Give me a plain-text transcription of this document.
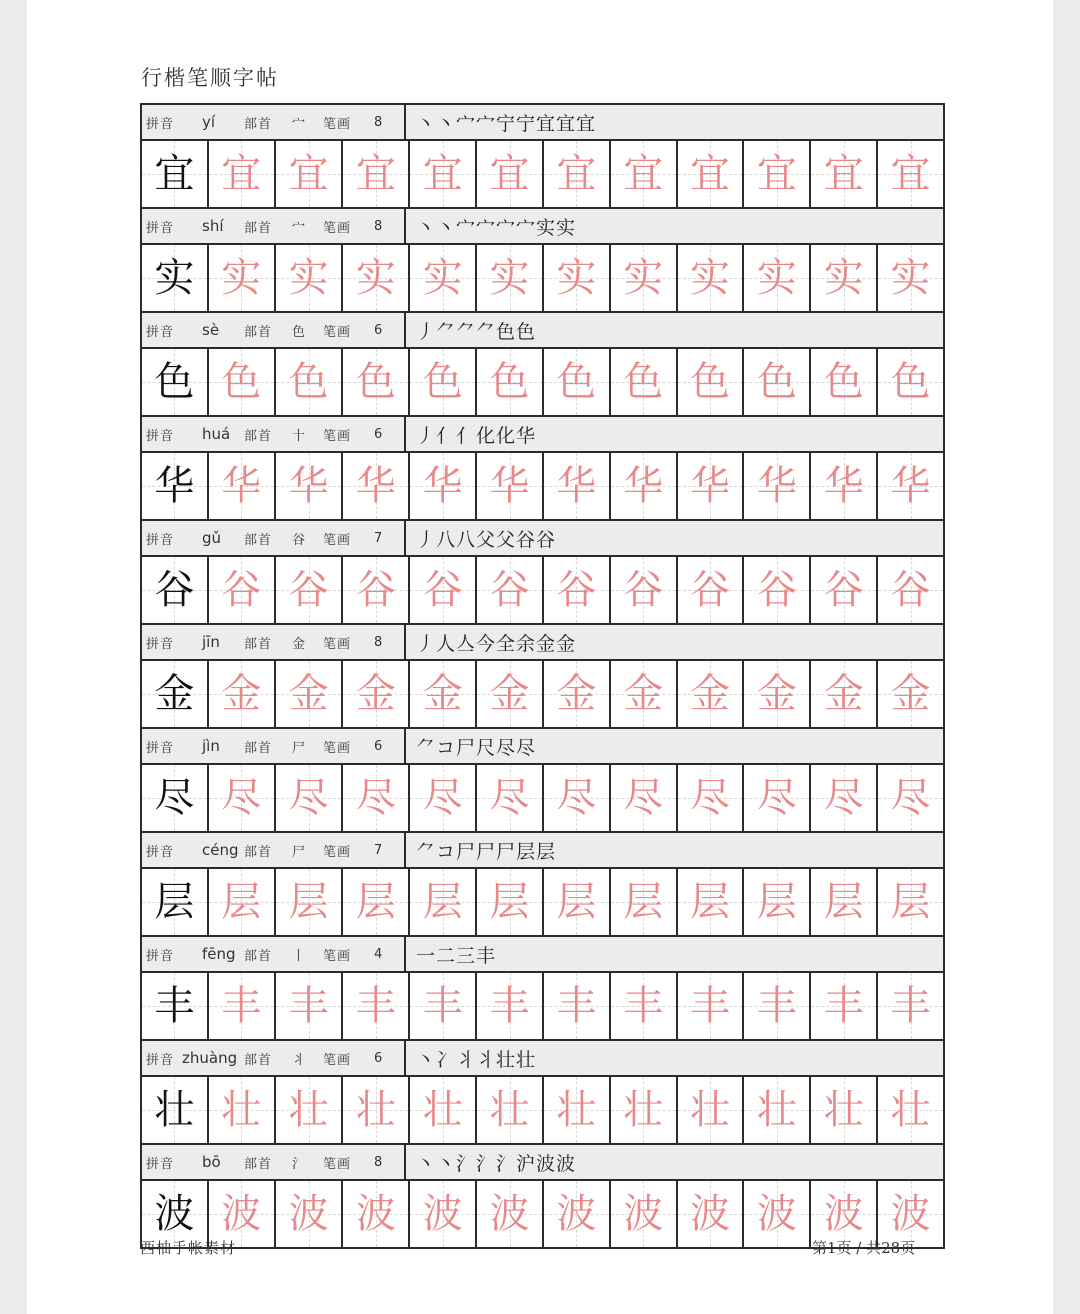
行楷笔顺字帖
拼音 yí 部首 宀 笔画 8	丶丶宀宀宁宁宜宜宜
宜 宜 宜 宜 宜 宜 宜 宜 宜 宜 宜 宜
拼音 shí 部首 宀 笔画 8	丶丶宀宀宀宀实实
实 实 实 实 实 实 实 实 实 实 实 实
拼音 sè 部首 色 笔画 6	丿⺈⺈⺈色色
色 色 色 色 色 色 色 色 色 色 色 色
拼音 huá 部首 十 笔画 6	丿亻亻化化华
华 华 华 华 华 华 华 华 华 华 华 华
拼音 gǔ 部首 谷 笔画 7	丿八八父父谷谷
谷 谷 谷 谷 谷 谷 谷 谷 谷 谷 谷 谷
拼音 jīn 部首 金 笔画 8	丿人亼今全余金金
金 金 金 金 金 金 金 金 金 金 金 金
拼音 jìn 部首 尸 笔画 6	⺈コ尸尺尽尽
尽 尽 尽 尽 尽 尽 尽 尽 尽 尽 尽 尽
拼音 céng 部首 尸 笔画 7	⺈コ尸尸尸层层
层 层 层 层 层 层 层 层 层 层 层 层
拼音 fēng 部首 丨 笔画 4	一二三丰
丰 丰 丰 丰 丰 丰 丰 丰 丰 丰 丰 丰
拼音 zhuàng 部首 丬 笔画 6	丶冫丬丬壮壮
壮 壮 壮 壮 壮 壮 壮 壮 壮 壮 壮 壮
拼音 bō 部首 氵 笔画 8	丶丶氵氵氵沪波波
波 波 波 波 波 波 波 波 波 波 波 波
西柚手帐素材	第1页 / 共28页
